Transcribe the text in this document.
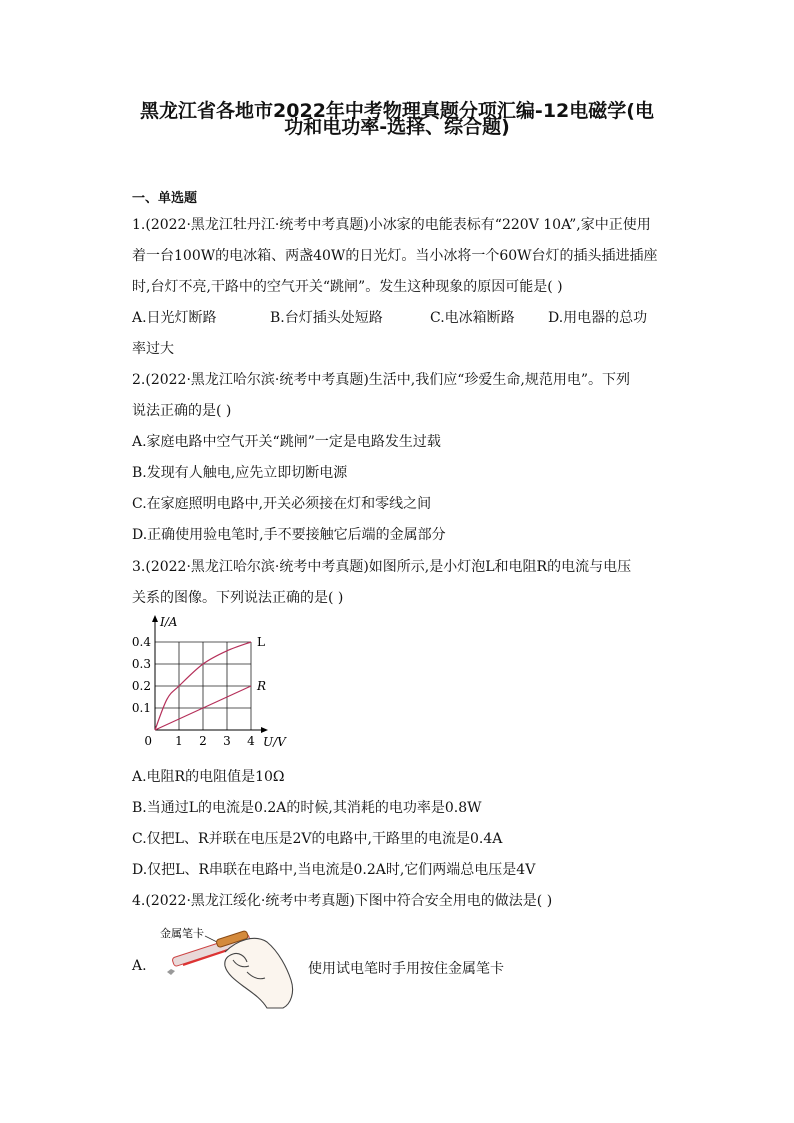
黑龙江省各地市2022年中考物理真题分项汇编-12电磁学(电
功和电功率-选择、综合题)
一、单选题
1.(2022·黑龙江牡丹江·统考中考真题)小冰家的电能表标有“220V 10A”,家中正使用
着一台100W的电冰箱、两盏40W的日光灯。当小冰将一个60W台灯的插头插进插座
时,台灯不亮,干路中的空气开关“跳闸”。发生这种现象的原因可能是( )
A.日光灯断路	B.台灯插头处短路	C.电冰箱断路 D.用电器的总功
率过大
2.(2022·黑龙江哈尔滨·统考中考真题)生活中,我们应“珍爱生命,规范用电”。下列
说法正确的是( )
A.家庭电路中空气开关“跳闸”一定是电路发生过载
B.发现有人触电,应先立即切断电源
C.在家庭照明电路中,开关必须接在灯和零线之间
D.正确使用验电笔时,手不要接触它后端的金属部分
3.(2022·黑龙江哈尔滨·统考中考真题)如图所示,是小灯泡L和电阻R的电流与电压
关系的图像。下列说法正确的是( )
1 2 3 4
0.1
0.2
0.3
0.4
0	U/V
I/A
L
R
A.电阻R的电阻值是10Ω
B.当通过L的电流是0.2A的时候,其消耗的电功率是0.8W
C.仅把L、R并联在电压是2V的电路中,干路里的电流是0.4A
D.仅把L、R串联在电路中,当电流是0.2A时,它们两端总电压是4V
4.(2022·黑龙江绥化·统考中考真题)下图中符合安全用电的做法是( )
A.
金属笔卡
使用试电笔时手用按住金属笔卡
